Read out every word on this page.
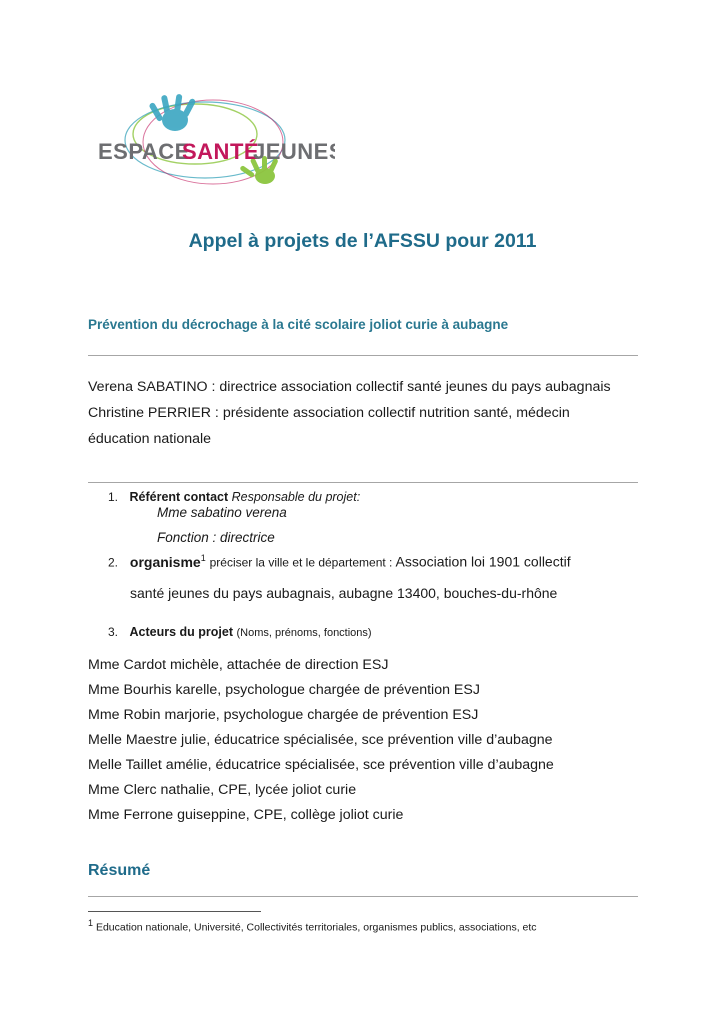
ESPACE
SANTÉ
JEUNES
Appel à projets de l’AFSSU pour 2011
Prévention du décrochage à la cité scolaire joliot curie à aubagne
Verena SABATINO : directrice association collectif santé jeunes du pays aubagnais
Christine PERRIER : présidente association collectif nutrition santé, médecin
éducation nationale
1. Référent contact Responsable du projet:
Mme sabatino verena
Fonction : directrice
2. organisme$^1$ préciser la ville et le département : Association loi 1901 collectif
santé jeunes du pays aubagnais, aubagne 13400, bouches-du-rhône
3. Acteurs du projet (Noms, prénoms, fonctions)
Mme Cardot michèle, attachée de direction ESJ
Mme Bourhis karelle, psychologue chargée de prévention ESJ
Mme Robin marjorie, psychologue chargée de prévention ESJ
Melle Maestre julie, éducatrice spécialisée, sce prévention ville d’aubagne
Melle Taillet amélie, éducatrice spécialisée, sce prévention ville d’aubagne
Mme Clerc nathalie, CPE, lycée joliot curie
Mme Ferrone guiseppine, CPE, collège joliot curie
Résumé
$^1$ Education nationale, Université, Collectivités territoriales, organismes publics, associations, etc
